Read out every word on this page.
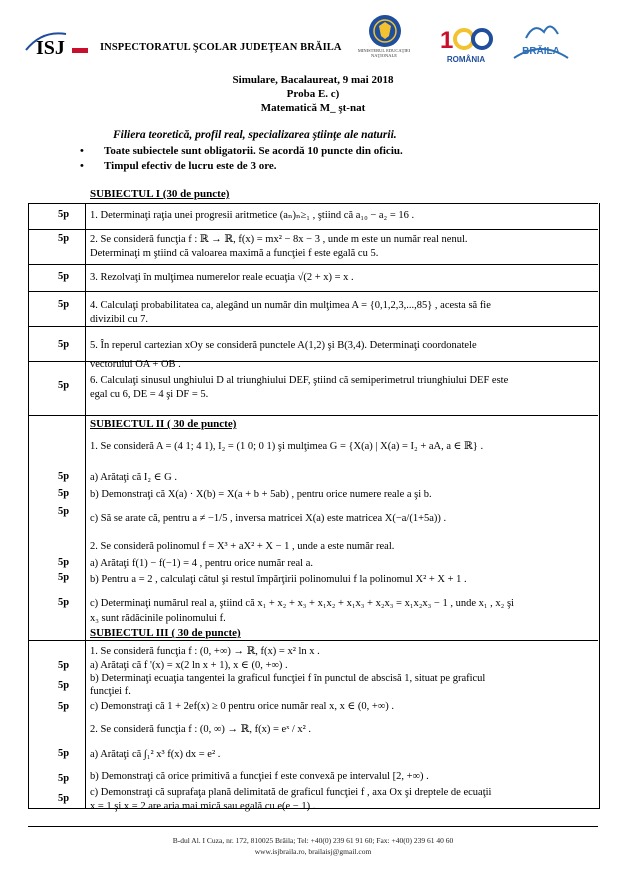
ISJ	INSPECTORATUL ŞCOLAR JUDEŢEAN BRĂILA	MINISTERUL EDUCAŢIEI NAŢIONALE
1
ROMÂNIA
BRĂILA
Simulare, Bacalaureat, 9 mai 2018
Proba E. c)
Matematică M_ şt-nat
Filiera teoretică, profil real, specializarea ştiinţe ale naturii.
• Toate subiectele sunt obligatorii. Se acordă 10 puncte din oficiu.
• Timpul efectiv de lucru este de 3 ore.
SUBIECTUL I (30 de puncte)
5p 1. Determinaţi raţia unei progresii aritmetice (aₙ)ₙ≥₁ , ştiind că a₁₀ − a₂ = 16 .
5p 2. Se consideră funcţia f : ℝ → ℝ, f(x) = mx² − 8x − 3 , unde m este un număr real nenul.
Determinaţi m ştiind că valoarea maximă a funcţiei f este egală cu 5.
5p 3. Rezolvaţi în mulţimea numerelor reale ecuaţia √(2 + x) = x .
5p 4. Calculaţi probabilitatea ca, alegând un număr din mulţimea A = {0,1,2,3,...,85} , acesta să fie
divizibil cu 7.
5p 5. În reperul cartezian xOy se consideră punctele A(1,2) şi B(3,4). Determinaţi coordonatele
vectorului OA + OB .
5p 6. Calculaţi sinusul unghiului D al triunghiului DEF, ştiind că semiperimetrul triunghiului DEF este
egal cu 6, DE = 4 şi DF = 5.
SUBIECTUL II ( 30 de puncte)
1. Se consideră A = (4 1; 4 1), I₂ = (1 0; 0 1) şi mulţimea G = {X(a) | X(a) = I₂ + aA, a ∈ ℝ} .
5p a) Arătaţi că I₂ ∈ G .
5p b) Demonstraţi că X(a) · X(b) = X(a + b + 5ab) , pentru orice numere reale a şi b.
5p
c) Să se arate că, pentru a ≠ −1/5 , inversa matricei X(a) este matricea X(−a/(1+5a)) .
2. Se consideră polinomul f = X³ + aX² + X − 1 , unde a este număr real.
5p a) Arătaţi f(1) − f(−1) = 4 , pentru orice număr real a.
5p b) Pentru a = 2 , calculaţi câtul şi restul împărţirii polinomului f la polinomul X² + X + 1 .
5p c) Determinaţi numărul real a, ştiind că x₁ + x₂ + x₃ + x₁x₂ + x₁x₃ + x₂x₃ = x₁x₂x₃ − 1 , unde x₁ , x₂ şi
x₃ sunt rădăcinile polinomului f.
SUBIECTUL III ( 30 de puncte)
1. Se consideră funcţia f : (0, +∞) → ℝ, f(x) = x² ln x .
5p a) Arătaţi că f '(x) = x(2 ln x + 1), x ∈ (0, +∞) .
5p
b) Determinaţi ecuaţia tangentei la graficul funcţiei f în punctul de abscisă 1, situat pe graficul
funcţiei f.
5p c) Demonstraţi că 1 + 2ef(x) ≥ 0 pentru orice număr real x, x ∈ (0, +∞) .
2. Se consideră funcţia f : (0, ∞) → ℝ, f(x) = eˣ / x² .
5p a) Arătaţi că ∫₁² x³ f(x) dx = e² .
5p b) Demonstraţi că orice primitivă a funcţiei f este convexă pe intervalul [2, +∞) .
5p
c) Demonstraţi că suprafaţa plană delimitată de graficul funcţiei f , axa Ox şi dreptele de ecuaţii
x = 1 şi x = 2 are aria mai mică sau egală cu e(e − 1) .
B-dul Al. I Cuza, nr. 172, 810025 Brăila; Tel: +40(0) 239 61 91 60; Fax: +40(0) 239 61 40 60
www.isjbraila.ro, brailaisj@gmail.com
